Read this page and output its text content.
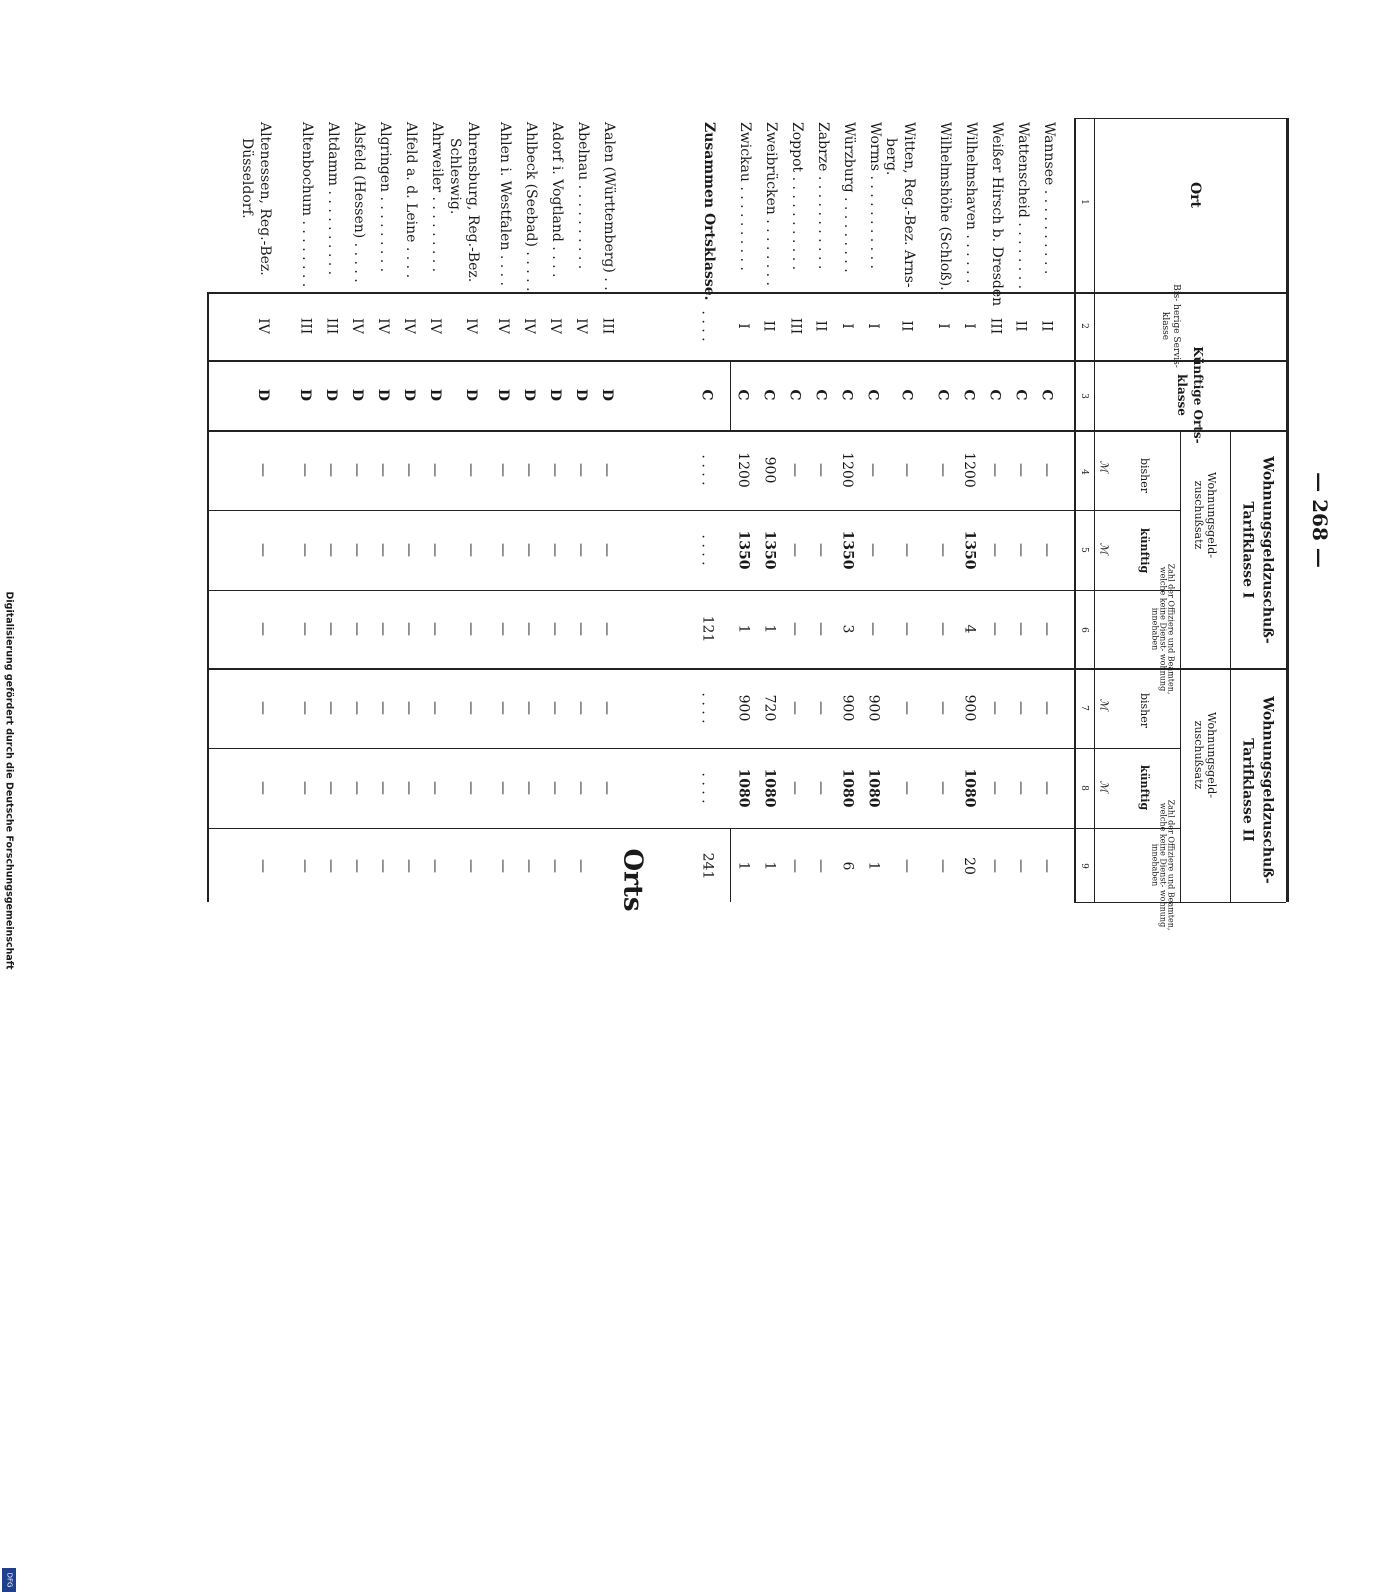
— 268 —
Digitalisierung gefördert durch die Deutsche Forschungsgemeinschaft
DFG
Ort
1
Bis- herige Servis- klasse
2
Künftige Orts- klasse
3
Wohnungsgeldzuschuß-
Tarifklasse I
Wohnungsgeld-
zuschußsatz
bisher
künftig
Zahl der Offiziere und Beamten, welche keine Dienst- wohnung innehaben
ℳ
ℳ
4
5
6
Wohnungsgeldzuschuß-
Tarifklasse II
Wohnungsgeld-
zuschußsatz
bisher
künftig
Zahl der Offiziere und Beamten, welche keine Dienst- wohnung innehaben
ℳ
ℳ
7
8
9
Wannsee . . . . . . . . . .
II
C
—
—
—
—
—
—
Wattenscheid . . . . . . . .
II
C
—
—
—
—
—
—
Weißer Hirsch b. Dresden
III
C
—
—
—
—
—
—
Wilhelmshaven . . . . . .
I
C
1200
1350
4
900
1080
20
Wilhelmshöhe (Schloß).
I
C
—
—
—
—
—
—
Witten, Reg.-Bez. Arns-
berg.
II
C
—
—
—
—
—
—
Worms . . . . . . . . . . .
I
C
—
—
—
900
1080
1
Würzburg . . . . . . . . .
I
C
1200
1350
3
900
1080
6
Zabrze . . . . . . . . . . .
II
C
—
—
—
—
—
—
Zoppot . . . . . . . . . . .
III
C
—
—
—
—
—
—
Zweibrücken . . . . . . . .
II
C
900
1350
1
720
1080
1
Zwickau . . . . . . . . . .
I
C
1200
1350
1
900
1080
1
Zusammen Ortsklasse.
. . . .
C
. . . .
. . . .
121
. . . .
. . . .
241
Aalen (Württemberg) . .
III
D
—
—
—
—
—
Abelnau . . . . . . . . . .
IV
D
—
—
—
—
—
—
Adorf i. Vogtland . . . .
IV
D
—
—
—
—
—
—
Ahlbeck (Seebad) . . . . .
IV
D
—
—
—
—
—
—
Ahlen i. Westfalen . . . .
IV
D
—
—
—
—
—
—
Ahrensburg, Reg.-Bez.
Schleswig.
IV
D
—
—
—
—
—
—
Ahrweiler . . . . . . . . .
IV
D
—
—
—
—
—
—
Alfeld a. d. Leine . . . .
IV
D
—
—
—
—
—
—
Algringen . . . . . . . . .
IV
D
—
—
—
—
—
—
Alsfeld (Hessen) . . . . .
IV
D
—
—
—
—
—
—
Altdamm . . . . . . . . . .
III
D
—
—
—
—
—
—
Altenbochum . . . . . . . .
III
D
—
—
—
—
—
—
Altenessen, Reg.-Bez.
Düsseldorf.
IV
D
—
—
—
—
—
—	Orts
